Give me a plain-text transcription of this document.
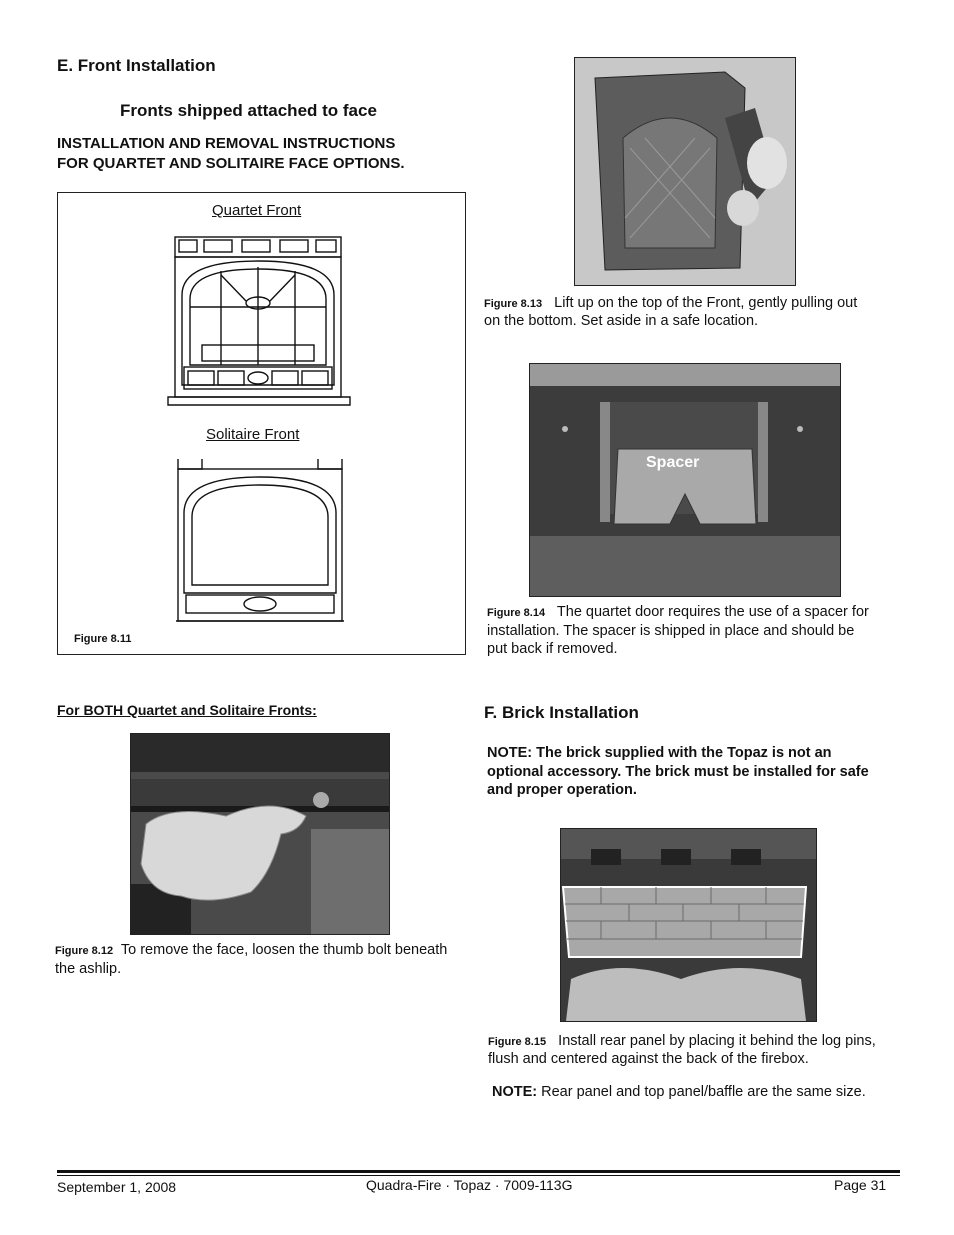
E. Front Installation
Fronts shipped attached to face
INSTALLATION AND REMOVAL INSTRUCTIONS
FOR QUARTET AND SOLITAIRE FACE OPTIONS.
Quartet Front
Solitaire Front
Figure 8.11
For BOTH Quartet and Solitaire Fronts:
Figure 8.12 To remove the face, loosen the thumb bolt beneath
the ashlip.
Figure 8.13 Lift up on the top of the Front, gently pulling out
on the bottom. Set aside in a safe location.
Spacer
Figure 8.14 The quartet door requires the use of a spacer for
installation. The spacer is shipped in place and should be
put back if removed.
F. Brick Installation
NOTE: The brick supplied with the Topaz is not an
optional accessory. The brick must be installed for safe
and proper operation.
Figure 8.15 Install rear panel by placing it behind the log pins,
flush and centered against the back of the firebox.
NOTE: Rear panel and top panel/baffle are the same size.
September 1, 2008	Quadra-Fire · Topaz · 7009-113G	Page 31
